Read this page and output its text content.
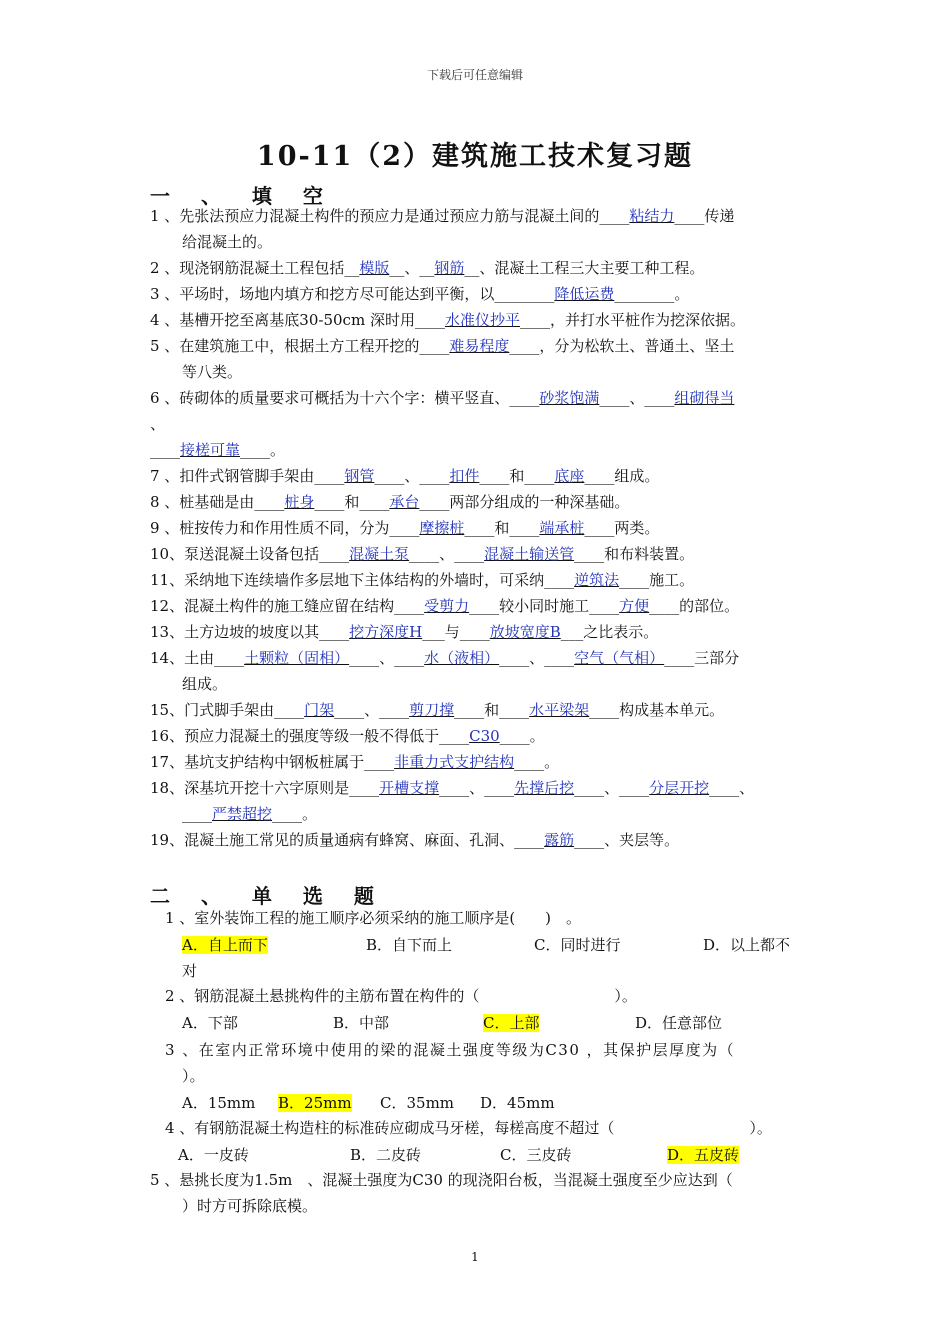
下载后可任意编辑
10-11（2）建筑施工技术复习题
一 、 填 空
1 、先张法预应力混凝土构件的预应力是通过预应力筋与混凝土间的____粘结力____传递
给混凝土的。
2 、现浇钢筋混凝土工程包括__模版__、__钢筋__、混凝土工程三大主要工种工程。
3 、平场时，场地内填方和挖方尽可能达到平衡，以________降低运费________。
4 、基槽开挖至离基底30-50cm 深时用____水准仪抄平____，并打水平桩作为挖深依据。
5 、在建筑施工中，根据土方工程开挖的____难易程度____，分为松软土、普通土、坚土
等八类。
6 、砖砌体的质量要求可概括为十六个字：横平竖直、____砂浆饱满____、____组砌得当
、
____接槎可靠____。
7 、扣件式钢管脚手架由____钢管____、____扣件____和____底座____组成。
8 、桩基础是由____桩身____和____承台____两部分组成的一种深基础。
9 、桩按传力和作用性质不同，分为____摩擦桩____和____端承桩____两类。
10、泵送混凝土设备包括____混凝土泵____、____混凝土输送管____和布料装置。
11、采纳地下连续墙作多层地下主体结构的外墙时，可采纳____逆筑法____施工。
12、混凝土构件的施工缝应留在结构____受剪力____较小同时施工____方便____的部位。
13、土方边坡的坡度以其____挖方深度H___与____放坡宽度B___之比表示。
14、土由____土颗粒（固相）____、____水（液相）____、____空气（气相）____三部分
组成。
15、门式脚手架由____门架____、____剪刀撑____和____水平梁架____构成基本单元。
16、预应力混凝土的强度等级一般不得低于____C30____。
17、基坑支护结构中钢板桩属于____非重力式支护结构____。
18、深基坑开挖十六字原则是____开槽支撑____、____先撑后挖____、____分层开挖____、
____严禁超挖____。
19、混凝土施工常见的质量通病有蜂窝、麻面、孔洞、____露筋____、夹层等。
二 、 单 选 题
1 、室外装饰工程的施工顺序必须采纳的施工顺序是(　　)　。
A．自上而下	B．自下而上	C．同时进行	D．以上都不
对
2 、钢筋混凝土悬挑构件的主筋布置在构件的（　　　　　　　　　）。
A．下部	B．中部	C．上部	D．任意部位
3 、在室内正常环境中使用的梁的混凝土强度等级为C30 ，其保护层厚度为（
）。
A．15mm B．25mm C．35mm D．45mm
4 、有钢筋混凝土构造柱的标准砖应砌成马牙槎，每槎高度不超过（　　　　　　　　　）。
A．一皮砖	B．二皮砖	C．三皮砖	D．五皮砖
5 、悬挑长度为1.5m　、混凝土强度为C30 的现浇阳台板，当混凝土强度至少应达到（
）时方可拆除底模。
1
